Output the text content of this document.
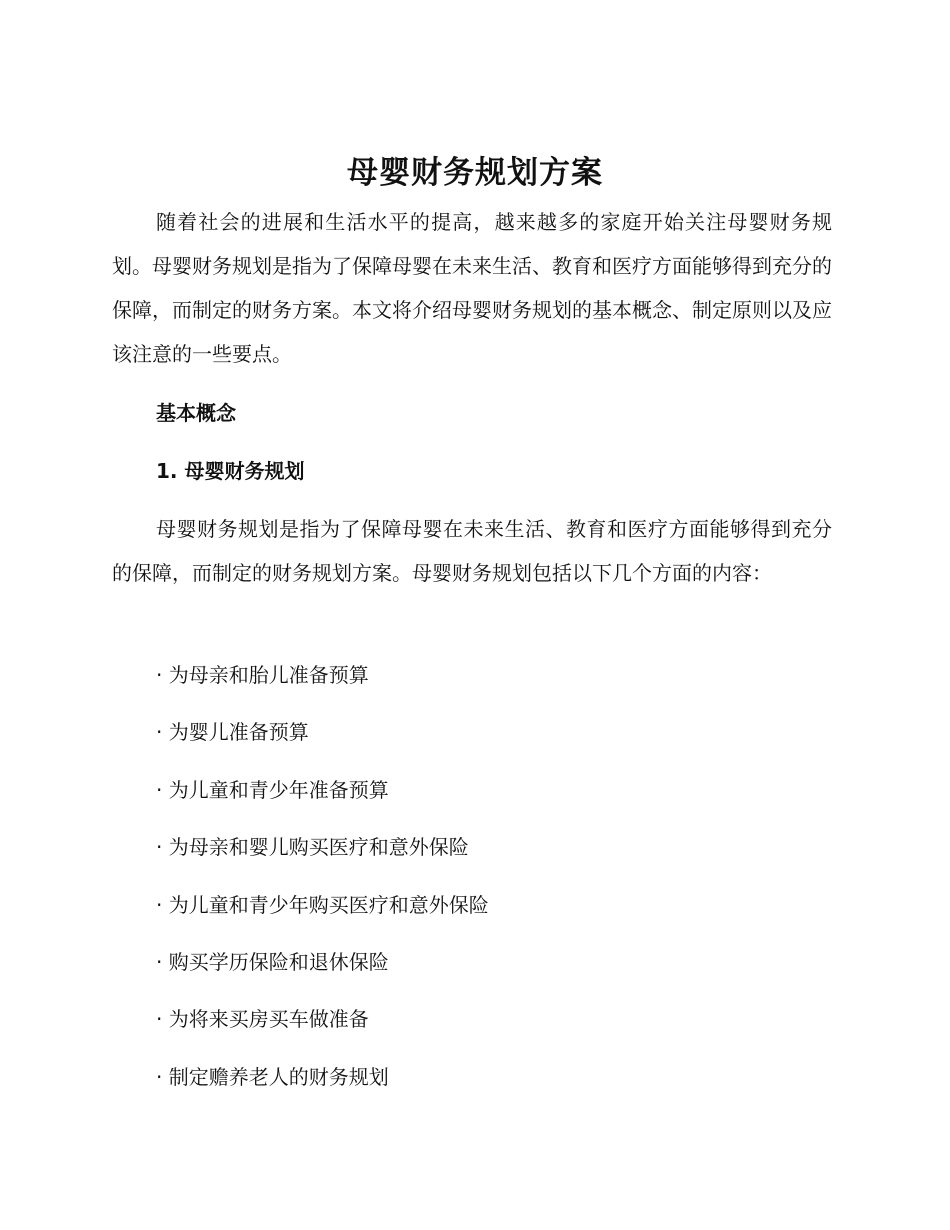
母婴财务规划方案

随着社会的进展和生活水平的提高，越来越多的家庭开始关注母婴财务规划。母婴财务规划是指为了保障母婴在未来生活、教育和医疗方面能够得到充分的保障，而制定的财务方案。本文将介绍母婴财务规划的基本概念、制定原则以及应该注意的一些要点。

基本概念
1. 母婴财务规划

母婴财务规划是指为了保障母婴在未来生活、教育和医疗方面能够得到充分的保障，而制定的财务规划方案。母婴财务规划包括以下几个方面的内容：

· 为母亲和胎儿准备预算
· 为婴儿准备预算
· 为儿童和青少年准备预算
· 为母亲和婴儿购买医疗和意外保险
· 为儿童和青少年购买医疗和意外保险
· 购买学历保险和退休保险
· 为将来买房买车做准备
· 制定赡养老人的财务规划
